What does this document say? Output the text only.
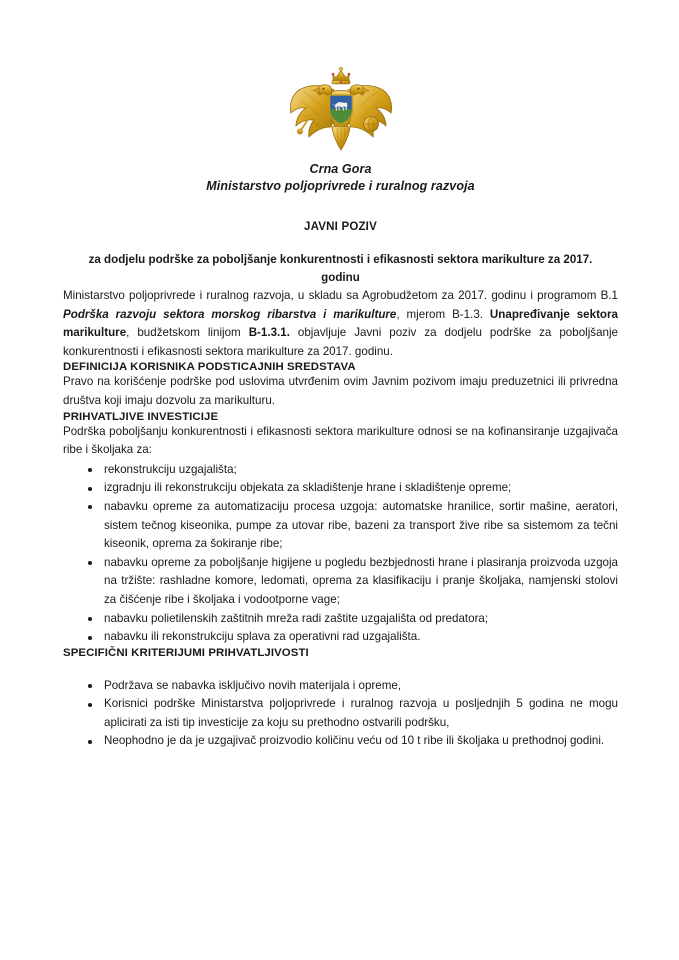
Crna Gora
Ministarstvo poljoprivrede i ruralnog razvoja
JAVNI POZIV
za dodjelu podrške za poboljšanje konkurentnosti i efikasnosti sektora marikulture za 2017. godinu

Ministarstvo poljoprivrede i ruralnog razvoja, u skladu sa Agrobudžetom za 2017. godinu i programom B.1 Podrška razvoju sektora morskog ribarstva i marikulture, mjerom B-1.3. Unapređivanje sektora marikulture, budžetskom linijom B-1.3.1. objavljuje Javni poziv za dodjelu podrške za poboljšanje konkurentnosti i efikasnosti sektora marikulture za 2017. godinu.

DEFINICIJA KORISNIKA PODSTICAJNIH SREDSTAVA

Pravo na korišćenje podrške pod uslovima utvrđenim ovim Javnim pozivom imaju preduzetnici ili privredna društva koji imaju dozvolu za marikulturu.

PRIHVATLJIVE INVESTICIJE

Podrška poboljšanju konkurentnosti i efikasnosti sektora marikulture odnosi se na kofinansiranje uzgajivača ribe i školjaka za:

rekonstrukciju uzgajališta;
izgradnju ili rekonstrukciju objekata za skladištenje hrane i skladištenje opreme;
nabavku opreme za automatizaciju procesa uzgoja: automatske hranilice, sortir mašine, aeratori, sistem tečnog kiseonika, pumpe za utovar ribe, bazeni za transport žive ribe sa sistemom za tečni kiseonik, oprema za šokiranje ribe;
nabavku opreme za poboljšanje higijene u pogledu bezbjednosti hrane i plasiranja proizvoda uzgoja na tržište: rashladne komore, ledomati, oprema za klasifikaciju i pranje školjaka, namjenski stolovi za čišćenje ribe i školjaka i vodootporne vage;
nabavku polietilenskih zaštitnih mreža radi zaštite uzgajališta od predatora;
nabavku ili rekonstrukciju splava za operativni rad uzgajališta.
SPECIFIČNI KRITERIJUMI PRIHVATLJIVOSTI
Podržava se nabavka isključivo novih materijala i opreme,
Korisnici podrške Ministarstva poljoprivrede i ruralnog razvoja u posljednjih 5 godina ne mogu aplicirati za isti tip investicije za koju su prethodno ostvarili podršku,
Neophodno je da je uzgajivač proizvodio količinu veću od 10 t ribe ili školjaka u prethodnoj godini.
